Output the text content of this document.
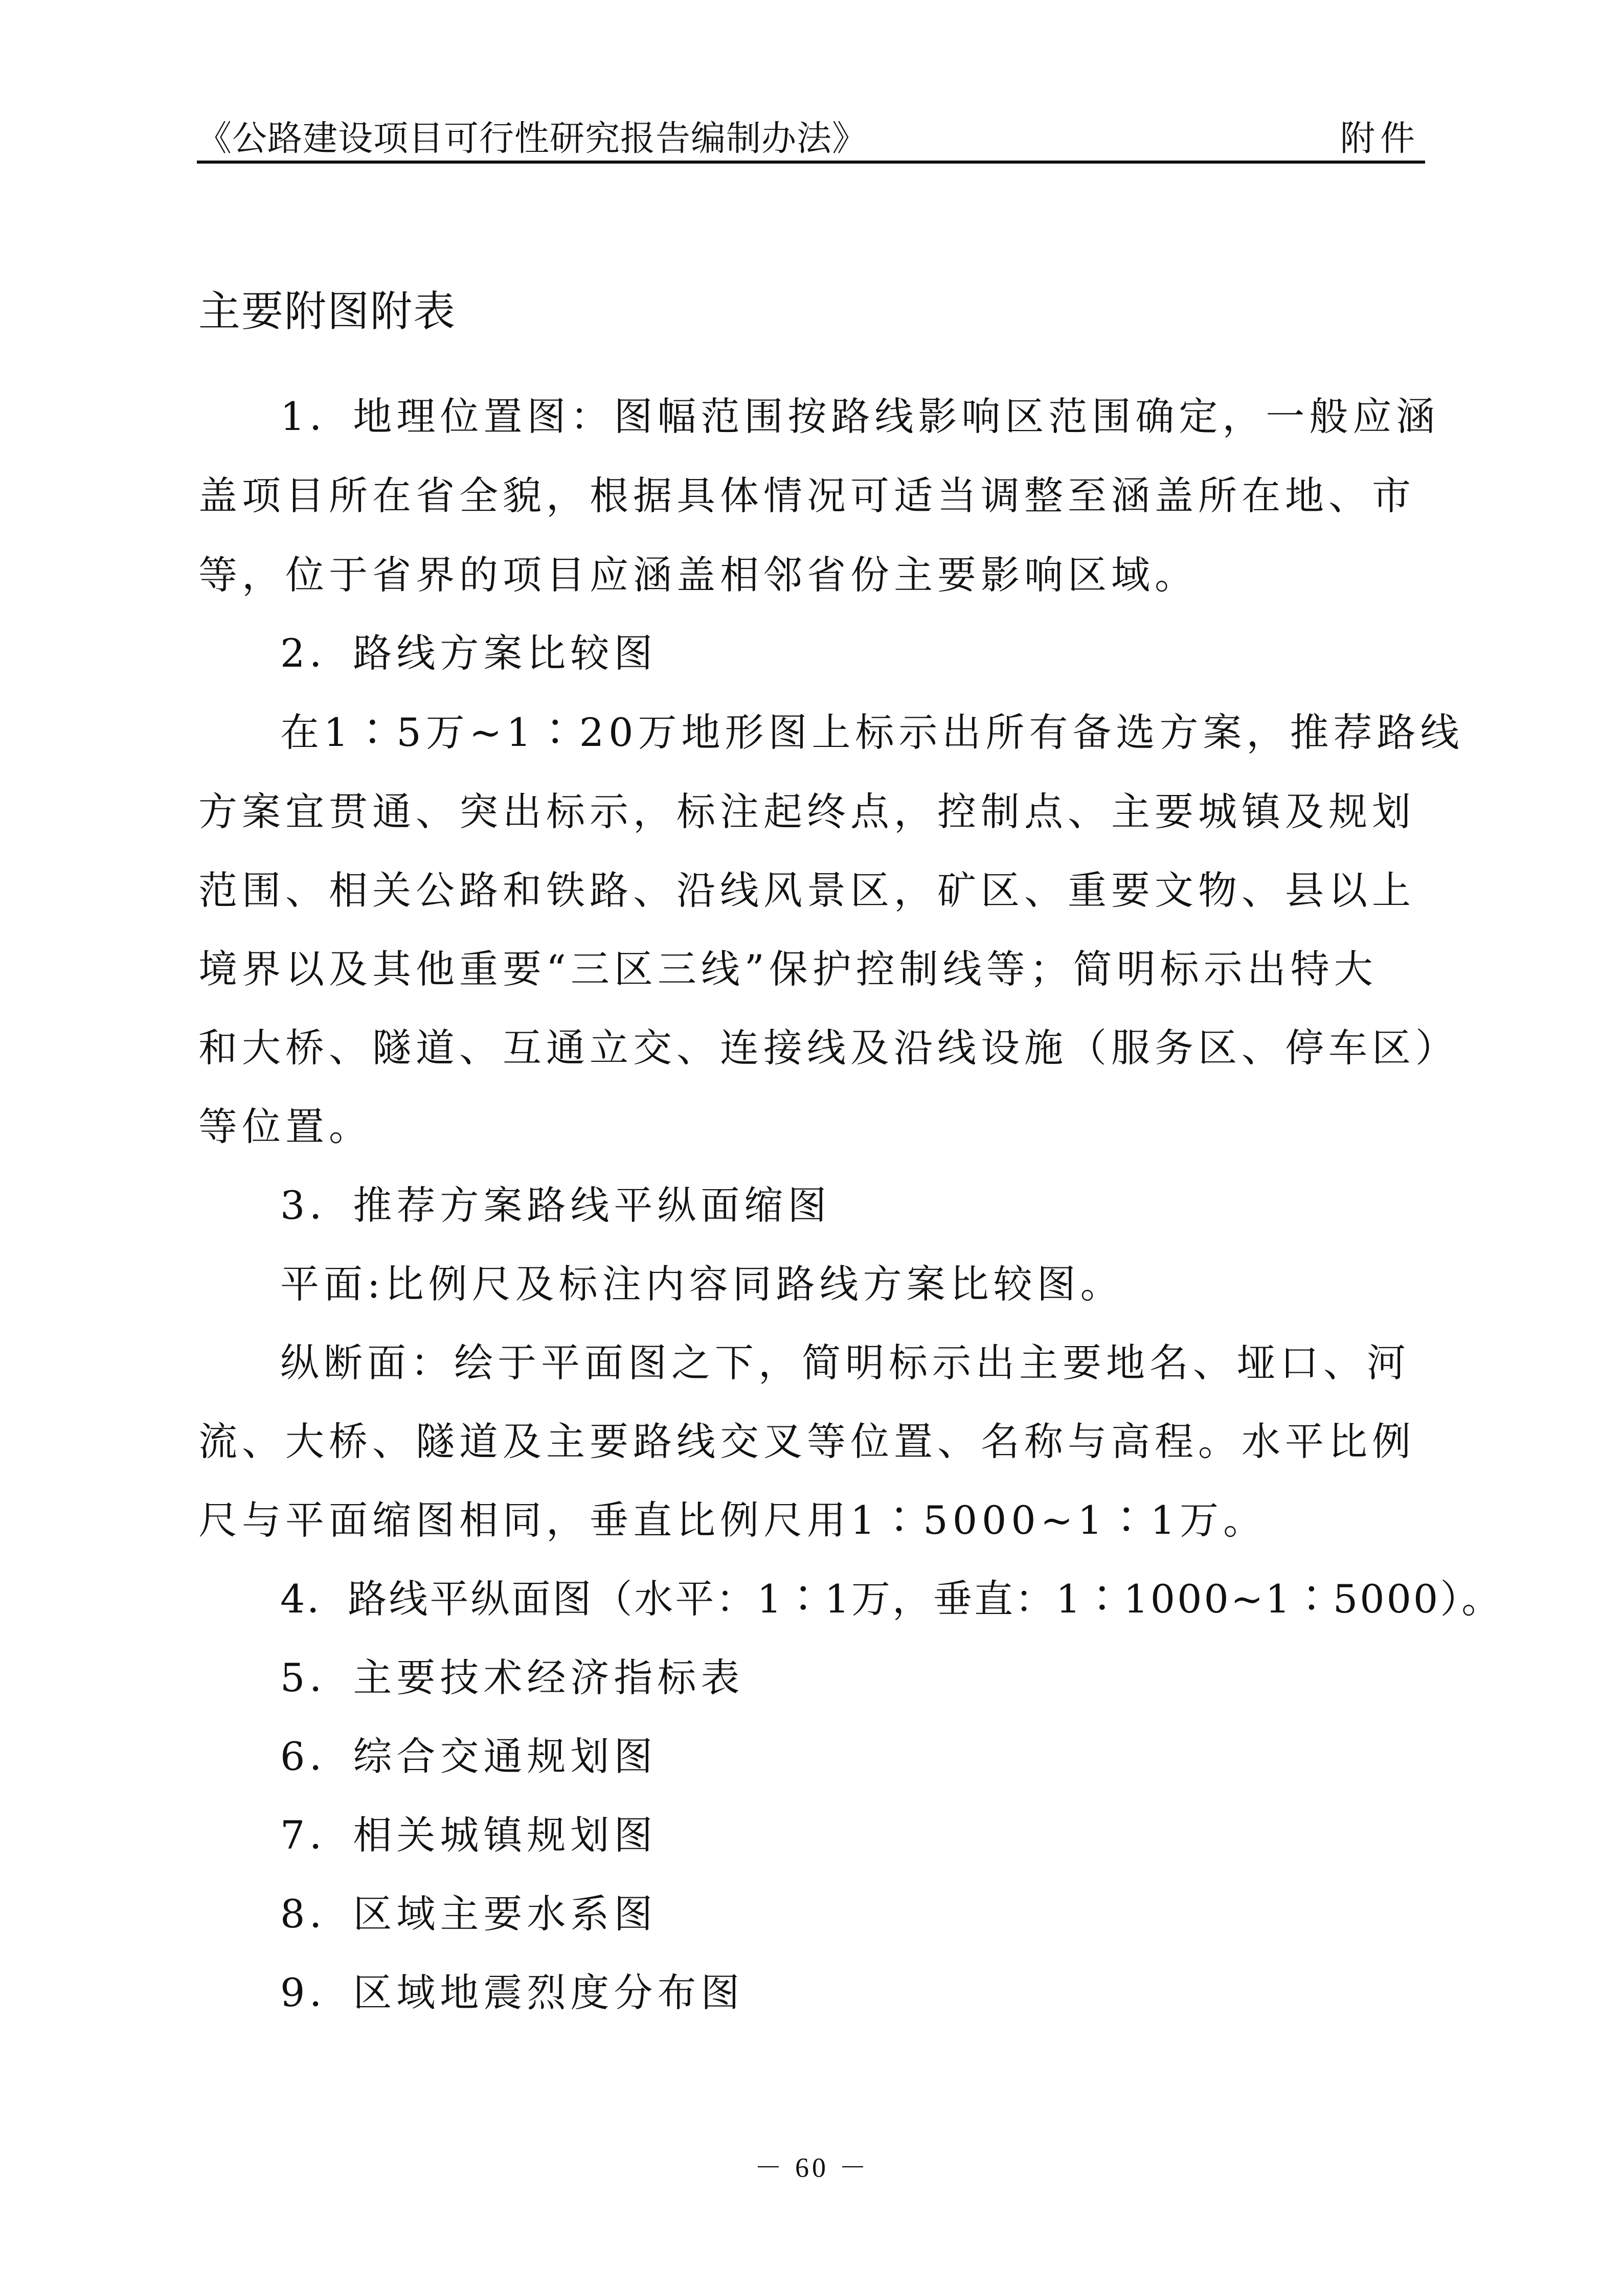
《公路建设项目可行性研究报告编制办法》	附件
主要附图附表

1．地理位置图：图幅范围按路线影响区范围确定，一般应涵

盖项目所在省全貌，根据具体情况可适当调整至涵盖所在地、市

等，位于省界的项目应涵盖相邻省份主要影响区域。

2．路线方案比较图

在1∶5万~1∶20万地形图上标示出所有备选方案，推荐路线

方案宜贯通、突出标示，标注起终点，控制点、主要城镇及规划

范围、相关公路和铁路、沿线风景区，矿区、重要文物、县以上

境界以及其他重要“三区三线”保护控制线等；简明标示出特大

和大桥、隧道、互通立交、连接线及沿线设施（服务区、停车区）

等位置。

3．推荐方案路线平纵面缩图

平面:比例尺及标注内容同路线方案比较图。

纵断面：绘于平面图之下，简明标示出主要地名、垭口、河

流、大桥、隧道及主要路线交叉等位置、名称与高程。水平比例

尺与平面缩图相同，垂直比例尺用1∶5000~1∶1万。

4．路线平纵面图（水平：1∶1万，垂直：1∶1000~1∶5000）。

5．主要技术经济指标表

6．综合交通规划图

7．相关城镇规划图

8．区域主要水系图

9．区域地震烈度分布图

－ 60 －
